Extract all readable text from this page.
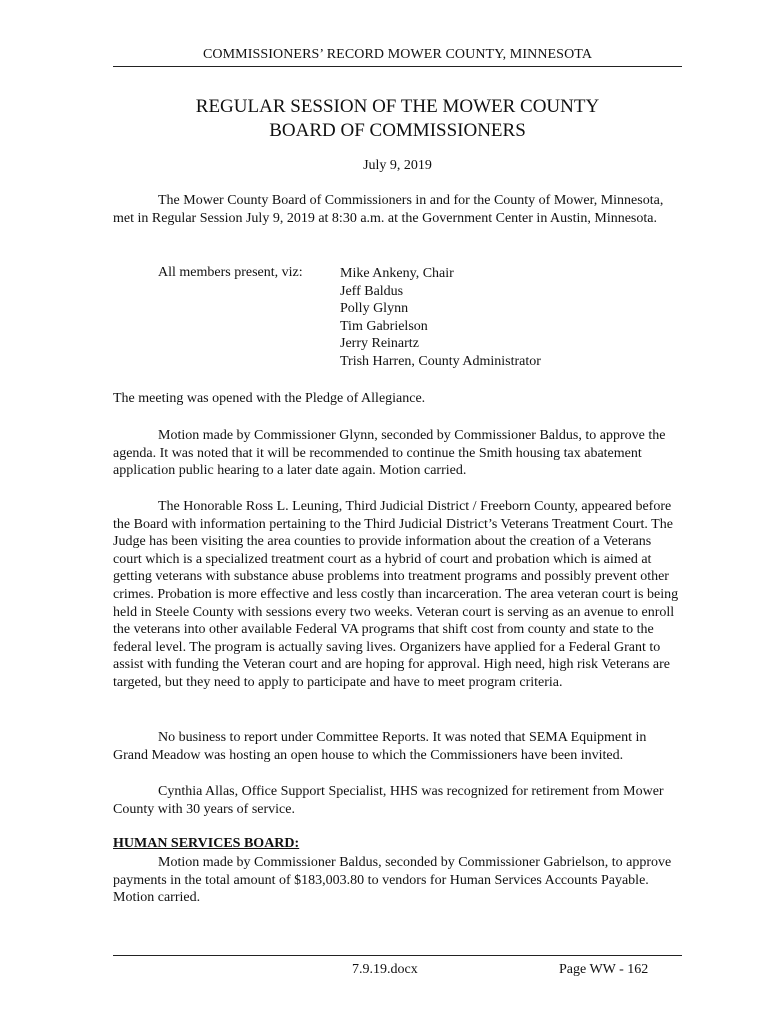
COMMISSIONERS’ RECORD MOWER COUNTY, MINNESOTA
REGULAR SESSION OF THE MOWER COUNTY
BOARD OF COMMISSIONERS
July 9, 2019

The Mower County Board of Commissioners in and for the County of Mower, Minnesota, met in Regular Session July 9, 2019 at 8:30 a.m. at the Government Center in Austin, Minnesota.

All members present, viz:	Mike Ankeny, Chair
Jeff Baldus
Polly Glynn
Tim Gabrielson
Jerry Reinartz
Trish Harren, County Administrator

The meeting was opened with the Pledge of Allegiance.

Motion made by Commissioner Glynn, seconded by Commissioner Baldus, to approve the agenda. It was noted that it will be recommended to continue the Smith housing tax abatement application public hearing to a later date again. Motion carried.

The Honorable Ross L. Leuning, Third Judicial District / Freeborn County, appeared before the Board with information pertaining to the Third Judicial District’s Veterans Treatment Court. The Judge has been visiting the area counties to provide information about the creation of a Veterans court which is a specialized treatment court as a hybrid of court and probation which is aimed at getting veterans with substance abuse problems into treatment programs and possibly prevent other crimes. Probation is more effective and less costly than incarceration. The area veteran court is being held in Steele County with sessions every two weeks. Veteran court is serving as an avenue to enroll the veterans into other available Federal VA programs that shift cost from county and state to the federal level. The program is actually saving lives. Organizers have applied for a Federal Grant to assist with funding the Veteran court and are hoping for approval. High need, high risk Veterans are targeted, but they need to apply to participate and have to meet program criteria.

No business to report under Committee Reports. It was noted that SEMA Equipment in Grand Meadow was hosting an open house to which the Commissioners have been invited.

Cynthia Allas, Office Support Specialist, HHS was recognized for retirement from Mower County with 30 years of service.

HUMAN SERVICES BOARD:

Motion made by Commissioner Baldus, seconded by Commissioner Gabrielson, to approve payments in the total amount of $183,003.80 to vendors for Human Services Accounts Payable. Motion carried.

7.9.19.docx	Page WW - 162
